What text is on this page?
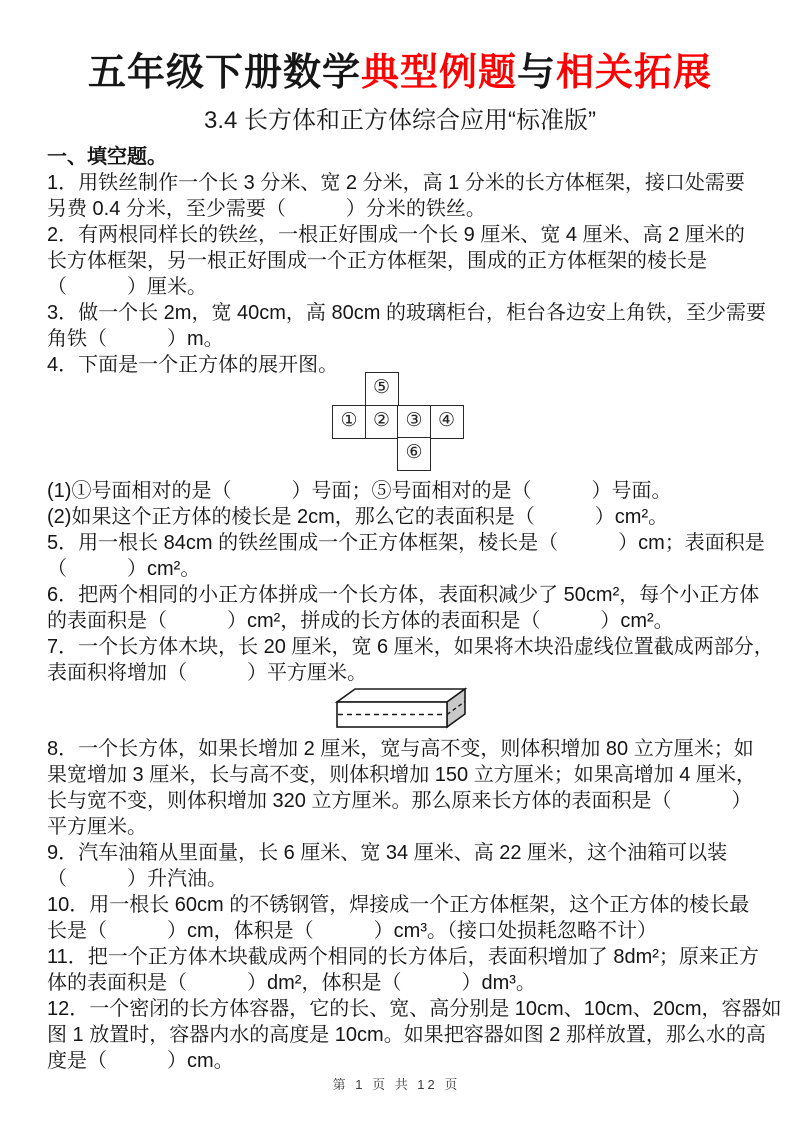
五年级下册数学典型例题与相关拓展
3.4 长方体和正方体综合应用“标准版”

一、填空题。

1．用铁丝制作一个长 3 分米、宽 2 分米，高 1 分米的长方体框架，接口处需要

另费 0.4 分米，至少需要（　　　）分米的铁丝。

2．有两根同样长的铁丝，一根正好围成一个长 9 厘米、宽 4 厘米、高 2 厘米的

长方体框架，另一根正好围成一个正方体框架，围成的正方体框架的棱长是

（　　　）厘米。

3．做一个长 2m，宽 40cm，高 80cm 的玻璃柜台，柜台各边安上角铁，至少需要

角铁（　　　）m。

4．下面是一个正方体的展开图。

① ② ③ ④
⑤
⑥

(1)①号面相对的是（　　　）号面；⑤号面相对的是（　　　）号面。

(2)如果这个正方体的棱长是 2cm，那么它的表面积是（　　　）cm²。

5．用一根长 84cm 的铁丝围成一个正方体框架，棱长是（　　　）cm；表面积是

（　　　）cm²。

6．把两个相同的小正方体拼成一个长方体，表面积减少了 50cm²，每个小正方体

的表面积是（　　　）cm²，拼成的长方体的表面积是（　　　）cm²。

7．一个长方体木块，长 20 厘米，宽 6 厘米，如果将木块沿虚线位置截成两部分，

表面积将增加（　　　）平方厘米。

8．一个长方体，如果长增加 2 厘米，宽与高不变，则体积增加 80 立方厘米；如

果宽增加 3 厘米，长与高不变，则体积增加 150 立方厘米；如果高增加 4 厘米，

长与宽不变，则体积增加 320 立方厘米。那么原来长方体的表面积是（　　　）

平方厘米。

9．汽车油箱从里面量，长 6 厘米、宽 34 厘米、高 22 厘米，这个油箱可以装

（　　　）升汽油。

10．用一根长 60cm 的不锈钢管，焊接成一个正方体框架，这个正方体的棱长最

长是（　　　）cm，体积是（　　　）cm³。（接口处损耗忽略不计）

11．把一个正方体木块截成两个相同的长方体后，表面积增加了 8dm²；原来正方

体的表面积是（　　　）dm²，体积是（　　　）dm³。

12．一个密闭的长方体容器，它的长、宽、高分别是 10cm、10cm、20cm，容器如

图 1 放置时，容器内水的高度是 10cm。如果把容器如图 2 那样放置，那么水的高

度是（　　　）cm。

第 1 页 共 12 页
